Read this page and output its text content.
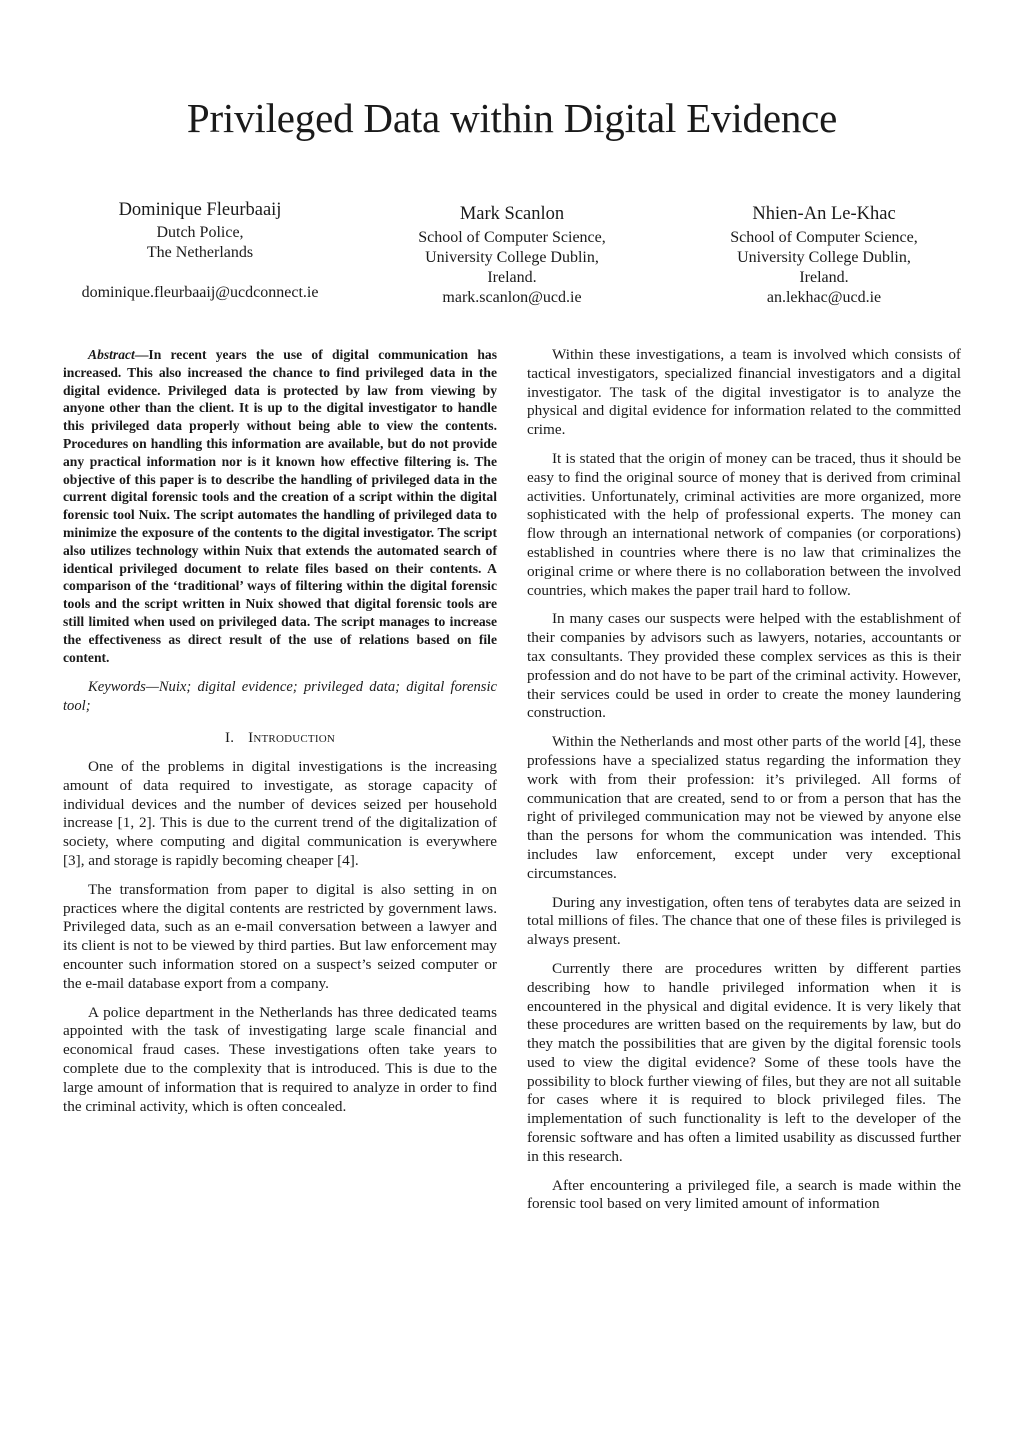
Privileged Data within Digital Evidence
Dominique Fleurbaaij
Dutch Police,
The Netherlands
dominique.fleurbaaij@ucdconnect.ie
Mark Scanlon
School of Computer Science,
University College Dublin,
Ireland.
mark.scanlon@ucd.ie
Nhien-An Le-Khac
School of Computer Science,
University College Dublin,
Ireland.
an.lekhac@ucd.ie

Abstract—In recent years the use of digital communication has increased. This also increased the chance to find privileged data in the digital evidence. Privileged data is protected by law from viewing by anyone other than the client. It is up to the digital investigator to handle this privileged data properly without being able to view the contents. Procedures on handling this information are available, but do not provide any practical information nor is it known how effective filtering is. The objective of this paper is to describe the handling of privileged data in the current digital forensic tools and the creation of a script within the digital forensic tool Nuix. The script automates the handling of privileged data to minimize the exposure of the contents to the digital investigator. The script also utilizes technology within Nuix that extends the automated search of identical privileged document to relate files based on their contents. A comparison of the ‘traditional’ ways of filtering within the digital forensic tools and the script written in Nuix showed that digital forensic tools are still limited when used on privileged data. The script manages to increase the effectiveness as direct result of the use of relations based on file content.

Keywords—Nuix; digital evidence; privileged data; digital forensic tool;

I. Introduction

One of the problems in digital investigations is the increasing amount of data required to investigate, as storage capacity of individual devices and the number of devices seized per household increase [1, 2]. This is due to the current trend of the digitalization of society, where computing and digital communication is everywhere [3], and storage is rapidly becoming cheaper [4].

The transformation from paper to digital is also setting in on practices where the digital contents are restricted by government laws. Privileged data, such as an e-mail conversation between a lawyer and its client is not to be viewed by third parties. But law enforcement may encounter such information stored on a suspect’s seized computer or the e-mail database export from a company.

A police department in the Netherlands has three dedicated teams appointed with the task of investigating large scale financial and economical fraud cases. These investigations often take years to complete due to the complexity that is introduced. This is due to the large amount of information that is required to analyze in order to find the criminal activity, which is often concealed.

Within these investigations, a team is involved which consists of tactical investigators, specialized financial investigators and a digital investigator. The task of the digital investigator is to analyze the physical and digital evidence for information related to the committed crime.

It is stated that the origin of money can be traced, thus it should be easy to find the original source of money that is derived from criminal activities. Unfortunately, criminal activities are more organized, more sophisticated with the help of professional experts. The money can flow through an international network of companies (or corporations) established in countries where there is no law that criminalizes the original crime or where there is no collaboration between the involved countries, which makes the paper trail hard to follow.

In many cases our suspects were helped with the establishment of their companies by advisors such as lawyers, notaries, accountants or tax consultants. They provided these complex services as this is their profession and do not have to be part of the criminal activity. However, their services could be used in order to create the money laundering construction.

Within the Netherlands and most other parts of the world [4], these professions have a specialized status regarding the information they work with from their profession: it’s privileged. All forms of communication that are created, send to or from a person that has the right of privileged communication may not be viewed by anyone else than the persons for whom the communication was intended. This includes law enforcement, except under very exceptional circumstances.

During any investigation, often tens of terabytes data are seized in total millions of files. The chance that one of these files is privileged is always present.

Currently there are procedures written by different parties describing how to handle privileged information when it is encountered in the physical and digital evidence. It is very likely that these procedures are written based on the requirements by law, but do they match the possibilities that are given by the digital forensic tools used to view the digital evidence? Some of these tools have the possibility to block further viewing of files, but they are not all suitable for cases where it is required to block privileged files. The implementation of such functionality is left to the developer of the forensic software and has often a limited usability as discussed further in this research.

After encountering a privileged file, a search is made within the forensic tool based on very limited amount of information
